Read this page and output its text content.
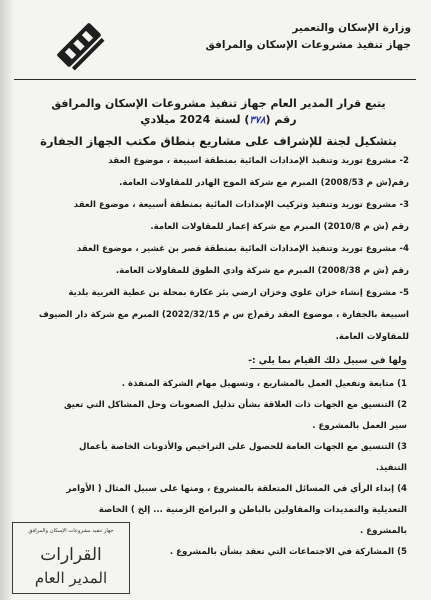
وزارة الإسكان والتعمير
جهاز تنفيذ مشروعات الإسكان والمرافق
يتبع قرار المدير العام جهاز تنفيذ مشروعات الإسكان والمرافق
رقم (٣٧٨) لسنة 2024 ميلادي
بتشكيل لجنة للإشراف على مشاريع بنطاق مكتب الجهاز الجفارة

2- مشروع توريد وتنفيذ الإمدادات المائية بمنطقة اسبيعة ، موضوع العقد

رقم(ش م 2008/53) المبرم مع شركة الموج الهادر للمقاولات العامة.

3- مشروع توريد وتنفيذ وتركيب الإمدادات المائية بمنطقة أسبيعة ، موضوع العقد

رقم (ش م 2010/8) المبرم مع شركة إعمار للمقاولات العامة.

4- مشروع توريد وتنفيذ الإمدادات المائية بمنطقة قصر بن غشير ، موضوع العقد

رقم (ش م 2008/38) المبرم مع شركة وادي الطوق للمقاولات العامة.

5- مشروع إنشاء خزان علوي وخزان ارضي بئر عكارة بمحلة بن عطية الغربية بلدية

اسبيعة بالجفارة ، موضوع العقد رقم(ج س م 2022/32/15) المبرم مع شركة دار الضيوف

للمقاولات العامة.

ولها في سبيل ذلك القيام بما يلي :-

1) متابعة وتفعيل العمل بالمشاريع ، وتسهيل مهام الشركة المنفذة .

2) التنسيق مع الجهات ذات العلاقة بشأن تذليل الصعوبات وحل المشاكل التي تعيق

سير العمل بالمشروع .

3) التنسيق مع الجهات العامة للحصول على التراخيص والأذونات الخاصة بأعمال

التنفيذ.

4) إبداء الرأي في المسائل المتعلقة بالمشروع ، ومنها على سبيل المثال ( الأوامر

التعديلية والتمديدات والمقاولين بالباطن و البرامج الزمنية ... إلخ ) الخاصة

بالمشروع .

5) المشاركة في الاجتماعات التي تعقد بشأن بالمشروع .

جهاز تنفيذ مشروعات الإسكان والمرافق
القرارات
المدير العام
